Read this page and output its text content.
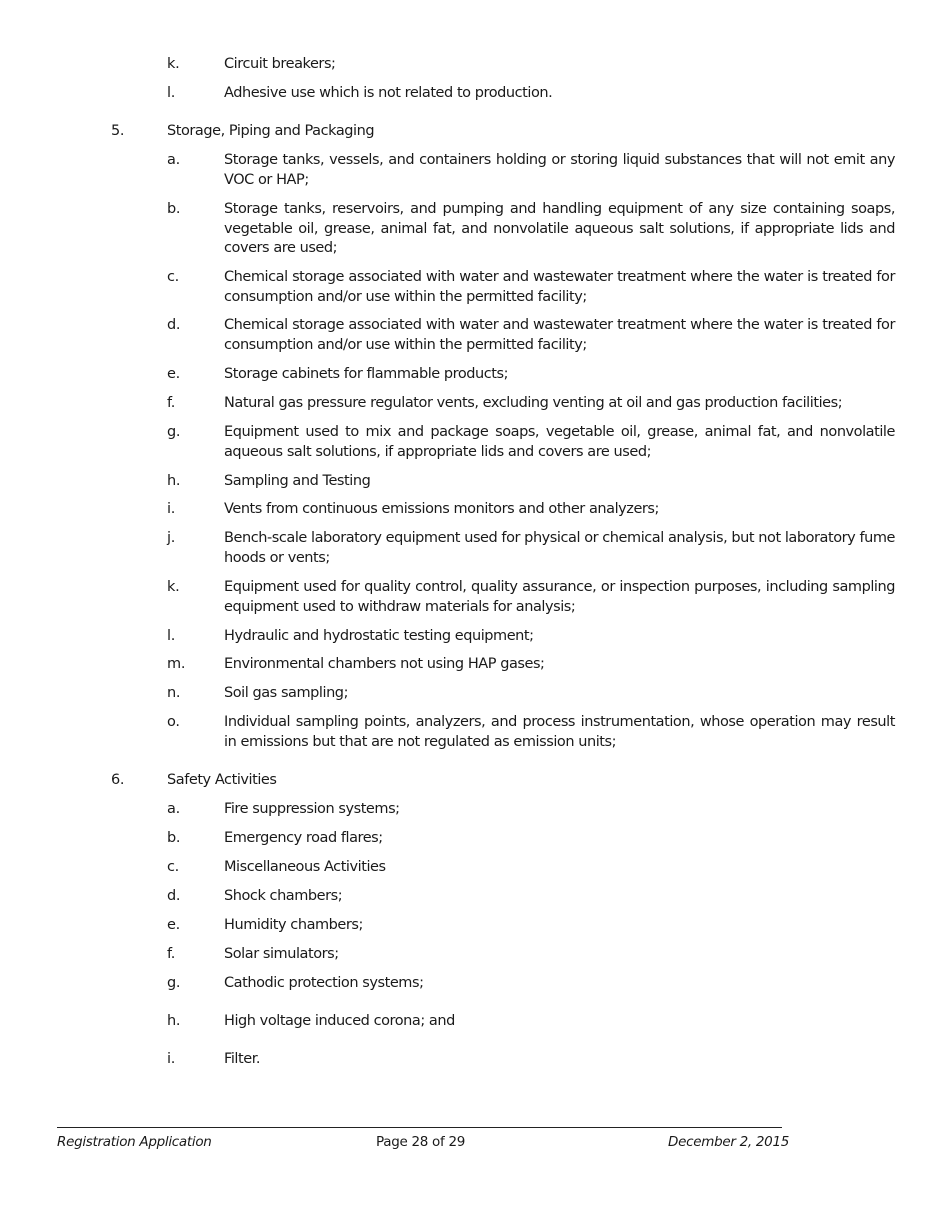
k.	Circuit breakers;
l.	Adhesive use which is not related to production.
5.	Storage, Piping and Packaging
a.	Storage tanks, vessels, and containers holding or storing liquid substances that will not emit any VOC or HAP;
b.	Storage tanks, reservoirs, and pumping and handling equipment of any size containing soaps, vegetable oil, grease, animal fat, and nonvolatile aqueous salt solutions, if appropriate lids and covers are used;
c.	Chemical storage associated with water and wastewater treatment where the water is treated for consumption and/or use within the permitted facility;
d.	Chemical storage associated with water and wastewater treatment where the water is treated for consumption and/or use within the permitted facility;
e.	Storage cabinets for flammable products;
f.	Natural gas pressure regulator vents, excluding venting at oil and gas production facilities;
g.	Equipment used to mix and package soaps, vegetable oil, grease, animal fat, and nonvolatile aqueous salt solutions, if appropriate lids and covers are used;
h.	Sampling and Testing
i.	Vents from continuous emissions monitors and other analyzers;
j.	Bench-scale laboratory equipment used for physical or chemical analysis, but not laboratory fume hoods or vents;
k.	Equipment used for quality control, quality assurance, or inspection purposes, including sampling equipment used to withdraw materials for analysis;
l.	Hydraulic and hydrostatic testing equipment;
m.	Environmental chambers not using HAP gases;
n.	Soil gas sampling;
o.	Individual sampling points, analyzers, and process instrumentation, whose operation may result in emissions but that are not regulated as emission units;
6.	Safety Activities
a.	Fire suppression systems;
b.	Emergency road flares;
c.	Miscellaneous Activities
d.	Shock chambers;
e.	Humidity chambers;
f.	Solar simulators;
g.	Cathodic protection systems;
h.	High voltage induced corona; and
i.	Filter.
Registration Application	Page 28 of 29	December 2, 2015
